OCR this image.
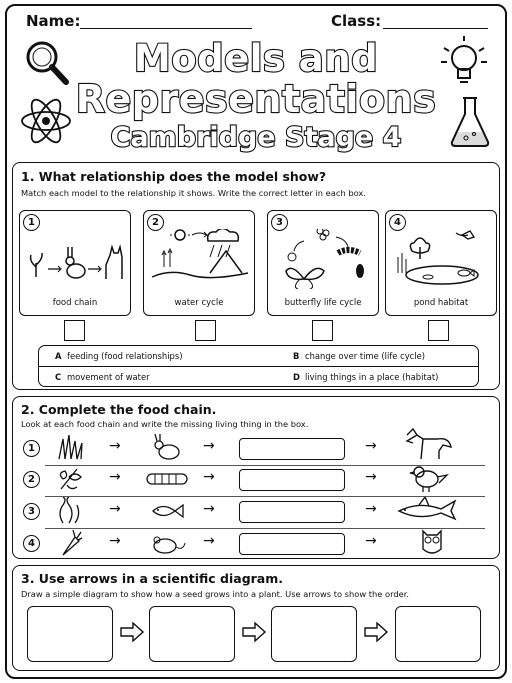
Name:	Class:
Models and
Representations
Cambridge Stage 4
1. What relationship does the model show?
Match each model to the relationship it shows. Write the correct letter in each box.
1
food chain
2
water cycle
3
butterfly life cycle
4
pond habitat
A feeding (food relationships)	B change over time (life cycle)
C movement of water	D living things in a place (habitat)
2. Complete the food chain.
Look at each food chain and write the missing living thing in the box.
1	→	→	→
2	→	→	→
3	→	→	→
4	→	→	→
3. Use arrows in a scientific diagram.
Draw a simple diagram to show how a seed grows into a plant. Use arrows to show the order.
